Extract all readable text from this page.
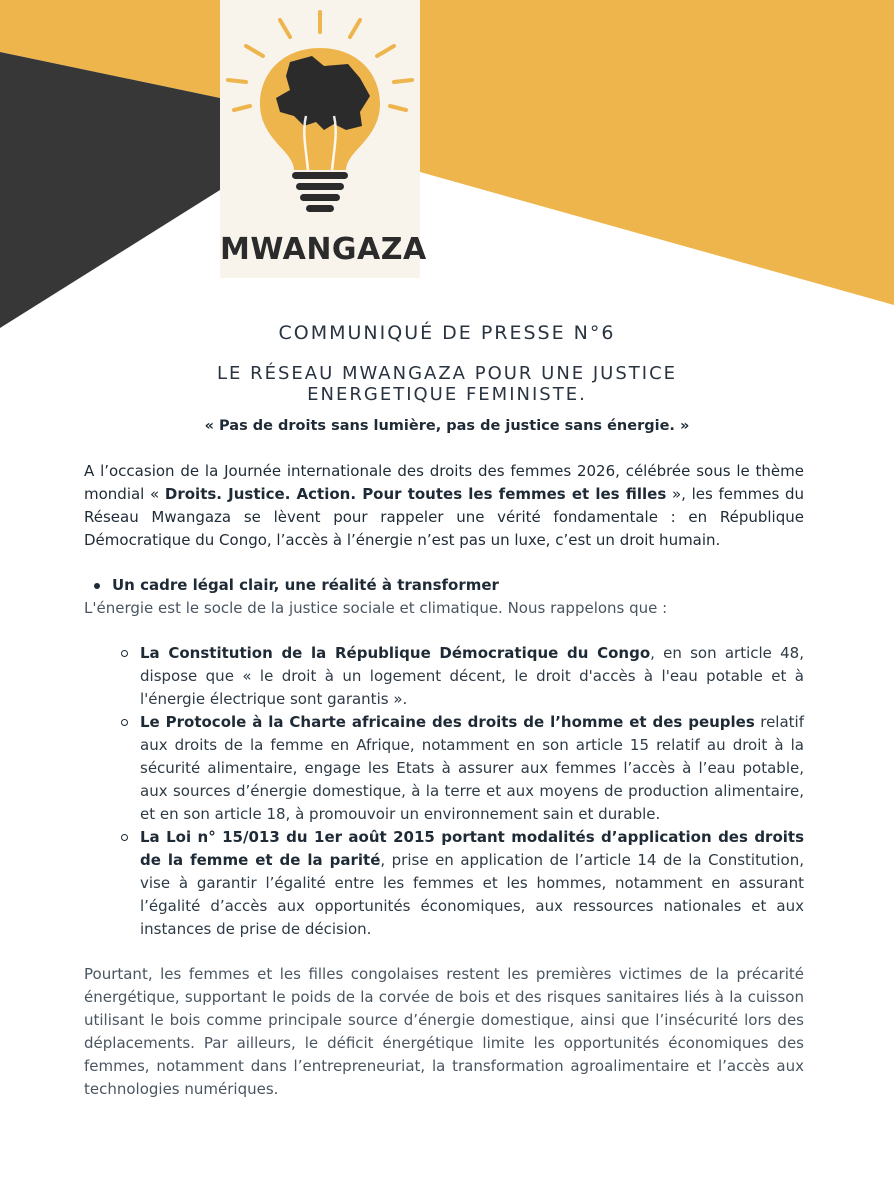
MWANGAZA
COMMUNIQUÉ DE PRESSE N°6
LE RÉSEAU MWANGAZA POUR UNE JUSTICE
ENERGETIQUE FEMINISTE.
« Pas de droits sans lumière, pas de justice sans énergie. »

A l’occasion de la Journée internationale des droits des femmes 2026, célébrée sous le thème mondial « Droits. Justice. Action. Pour toutes les femmes et les filles », les femmes du Réseau Mwangaza se lèvent pour rappeler une vérité fondamentale : en République Démocratique du Congo, l’accès à l’énergie n’est pas un luxe, c’est un droit humain.

Un cadre légal clair, une réalité à transformer

L'énergie est le socle de la justice sociale et climatique. Nous rappelons que :

La Constitution de la République Démocratique du Congo, en son article 48, dispose que « le droit à un logement décent, le droit d'accès à l'eau potable et à l'énergie électrique sont garantis ».
Le Protocole à la Charte africaine des droits de l’homme et des peuples relatif aux droits de la femme en Afrique, notamment en son article 15 relatif au droit à la sécurité alimentaire, engage les Etats à assurer aux femmes l’accès à l’eau potable, aux sources d’énergie domestique, à la terre et aux moyens de production alimentaire, et en son article 18, à promouvoir un environnement sain et durable.
La Loi n° 15/013 du 1er août 2015 portant modalités d’application des droits de la femme et de la parité, prise en application de l’article 14 de la Constitution, vise à garantir l’égalité entre les femmes et les hommes, notamment en assurant l’égalité d’accès aux opportunités économiques, aux ressources nationales et aux instances de prise de décision.

Pourtant, les femmes et les filles congolaises restent les premières victimes de la précarité énergétique, supportant le poids de la corvée de bois et des risques sanitaires liés à la cuisson utilisant le bois comme principale source d’énergie domestique, ainsi que l’insécurité lors des déplacements. Par ailleurs, le déficit énergétique limite les opportunités économiques des femmes, notamment dans l’entrepreneuriat, la transformation agroalimentaire et l’accès aux technologies numériques.
